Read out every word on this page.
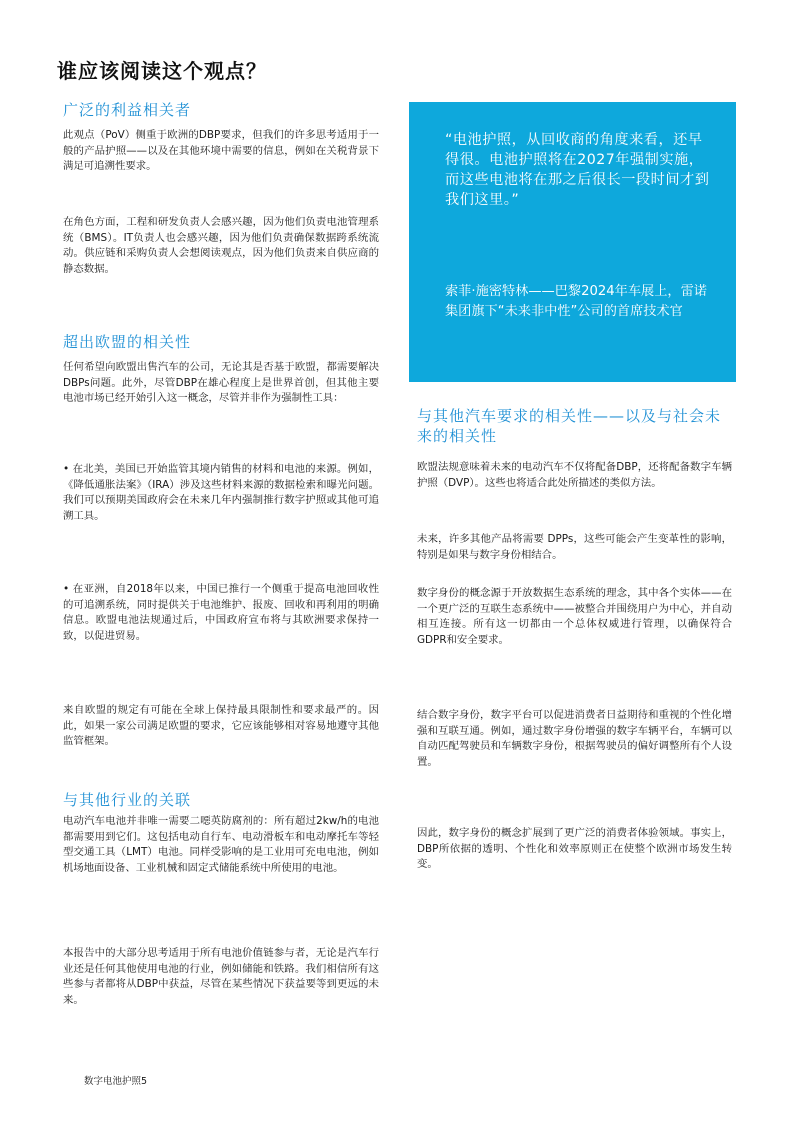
谁应该阅读这个观点？
广泛的利益相关者
此观点（PoV）侧重于欧洲的DBP要求，但我们的许多思考适用于一般的产品护照——以及在其他环境中需要的信息，例如在关税背景下满足可追溯性要求。
在角色方面，工程和研发负责人会感兴趣，因为他们负责电池管理系统（BMS）。IT负责人也会感兴趣，因为他们负责确保数据跨系统流动。供应链和采购负责人会想阅读观点，因为他们负责来自供应商的静态数据。
超出欧盟的相关性
任何希望向欧盟出售汽车的公司，无论其是否基于欧盟，都需要解决DBPs问题。此外，尽管DBP在雄心程度上是世界首创，但其他主要电池市场已经开始引入这一概念，尽管并非作为强制性工具：
• 在北美，美国已开始监管其境内销售的材料和电池的来源。例如，《降低通胀法案》（IRA）涉及这些材料来源的数据检索和曝光问题。我们可以预期美国政府会在未来几年内强制推行数字护照或其他可追溯工具。
• 在亚洲，自2018年以来，中国已推行一个侧重于提高电池回收性的可追溯系统，同时提供关于电池维护、报废、回收和再利用的明确信息。欧盟电池法规通过后，中国政府宣布将与其欧洲要求保持一致，以促进贸易。
来自欧盟的规定有可能在全球上保持最具限制性和要求最严的。因此，如果一家公司满足欧盟的要求，它应该能够相对容易地遵守其他监管框架。
与其他行业的关联
电动汽车电池并非唯一需要二噁英防腐剂的：所有超过2kw/h的电池都需要用到它们。这包括电动自行车、电动滑板车和电动摩托车等轻型交通工具（LMT）电池。同样受影响的是工业用可充电电池，例如机场地面设备、工业机械和固定式储能系统中所使用的电池。
本报告中的大部分思考适用于所有电池价值链参与者，无论是汽车行业还是任何其他使用电池的行业，例如储能和铁路。我们相信所有这些参与者都将从DBP中获益，尽管在某些情况下获益要等到更远的未来。
“电池护照，从回收商的角度来看，还早得很。电池护照将在2027年强制实施，而这些电池将在那之后很长一段时间才到我们这里。”
索菲·施密特林——巴黎2024年车展上，雷诺集团旗下“未来非中性”公司的首席技术官
与其他汽车要求的相关性——以及与社会未来的相关性
欧盟法规意味着未来的电动汽车不仅将配备DBP，还将配备数字车辆护照（DVP）。这些也将适合此处所描述的类似方法。
未来，许多其他产品将需要 DPPs，这些可能会产生变革性的影响，特别是如果与数字身份相结合。
数字身份的概念源于开放数据生态系统的理念，其中各个实体——在一个更广泛的互联生态系统中——被整合并围绕用户为中心，并自动相互连接。所有这一切都由一个总体权威进行管理，以确保符合GDPR和安全要求。
结合数字身份，数字平台可以促进消费者日益期待和重视的个性化增强和互联互通。例如，通过数字身份增强的数字车辆平台，车辆可以自动匹配驾驶员和车辆数字身份，根据驾驶员的偏好调整所有个人设置。
因此，数字身份的概念扩展到了更广泛的消费者体验领域。事实上，DBP所依据的透明、个性化和效率原则正在使整个欧洲市场发生转变。
数字电池护照5
